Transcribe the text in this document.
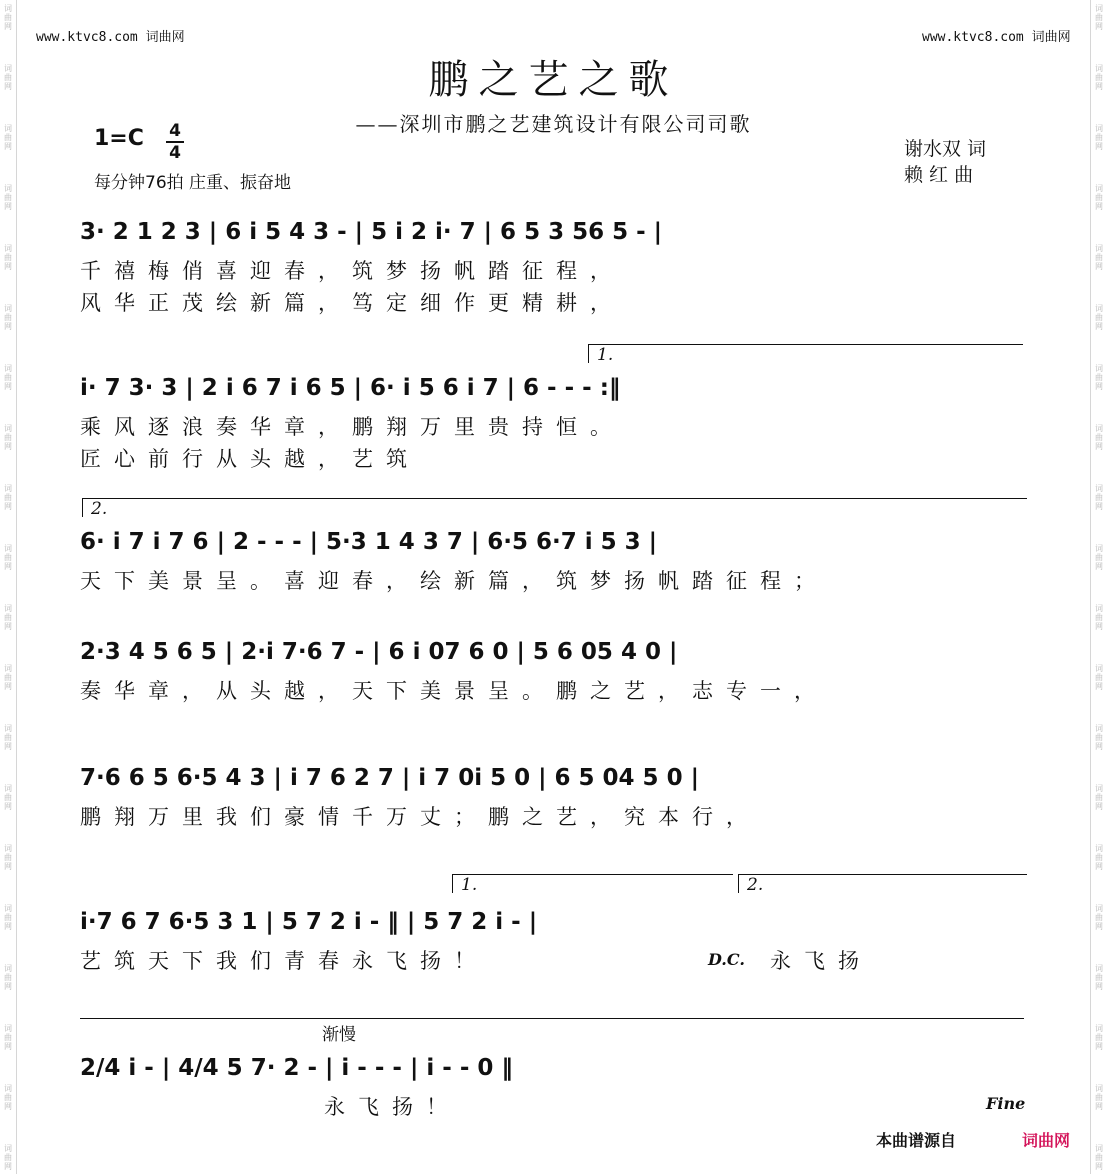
词曲网
词曲网
词曲网
词曲网
词曲网
词曲网
词曲网
词曲网
词曲网
词曲网
词曲网
词曲网
词曲网
词曲网
词曲网
词曲网
词曲网
词曲网
词曲网
词曲网
词曲网
词曲网
词曲网
词曲网
词曲网
词曲网
词曲网
词曲网
词曲网
词曲网
词曲网
词曲网
词曲网
词曲网
词曲网
词曲网
词曲网
词曲网
词曲网
词曲网
www.ktvc8.com 词曲网	www.ktvc8.com 词曲网
鹏之艺之歌
——深圳市鹏之艺建筑设计有限公司司歌
1=C 4
4
每分钟76拍 庄重、振奋地
谢水双 词
赖 红 曲
3· 2 1 2 3 | 6 i 5 4 3 - | 5 i 2 i· 7 | 6 5 3 56 5 - |
千禧梅俏喜迎春，筑梦扬帆踏征程，
风华正茂绘新篇，笃定细作更精耕，
1.
i· 7 3· 3 | 2 i 6 7 i 6 5 | 6· i 5 6 i 7 | 6 - - - :‖
乘风逐浪奏华章，鹏翔万里贵持恒。
匠心前行从头越，艺筑
2.
6· i 7 i 7 6 | 2 - - - | 5·3 1 4 3 7 | 6·5 6·7 i 5 3 |
天下美景呈。喜迎春，绘新篇，筑梦扬帆踏征程；
2·3 4 5 6 5 | 2·i 7·6 7 - | 6 i 07 6 0 | 5 6 05 4 0 |
奏华章，从头越，天下美景呈。鹏之艺，志专一，
7·6 6 5 6·5 4 3 | i 7 6 2 7 | i 7 0i 5 0 | 6 5 04 5 0 |
鹏翔万里我们豪情千万丈；鹏之艺，究本行，
1.	2.
i·7 6 7 6·5 3 1 | 5 7 2 i - ‖ | 5 7 2 i - |
艺筑天下我们青春永飞扬！	永飞扬
D.C.
渐慢
2/4 i - | 4/4 5 7· 2 - | i - - - | i - - 0 ‖
永飞扬！	Fine
本曲谱源自	词曲网
